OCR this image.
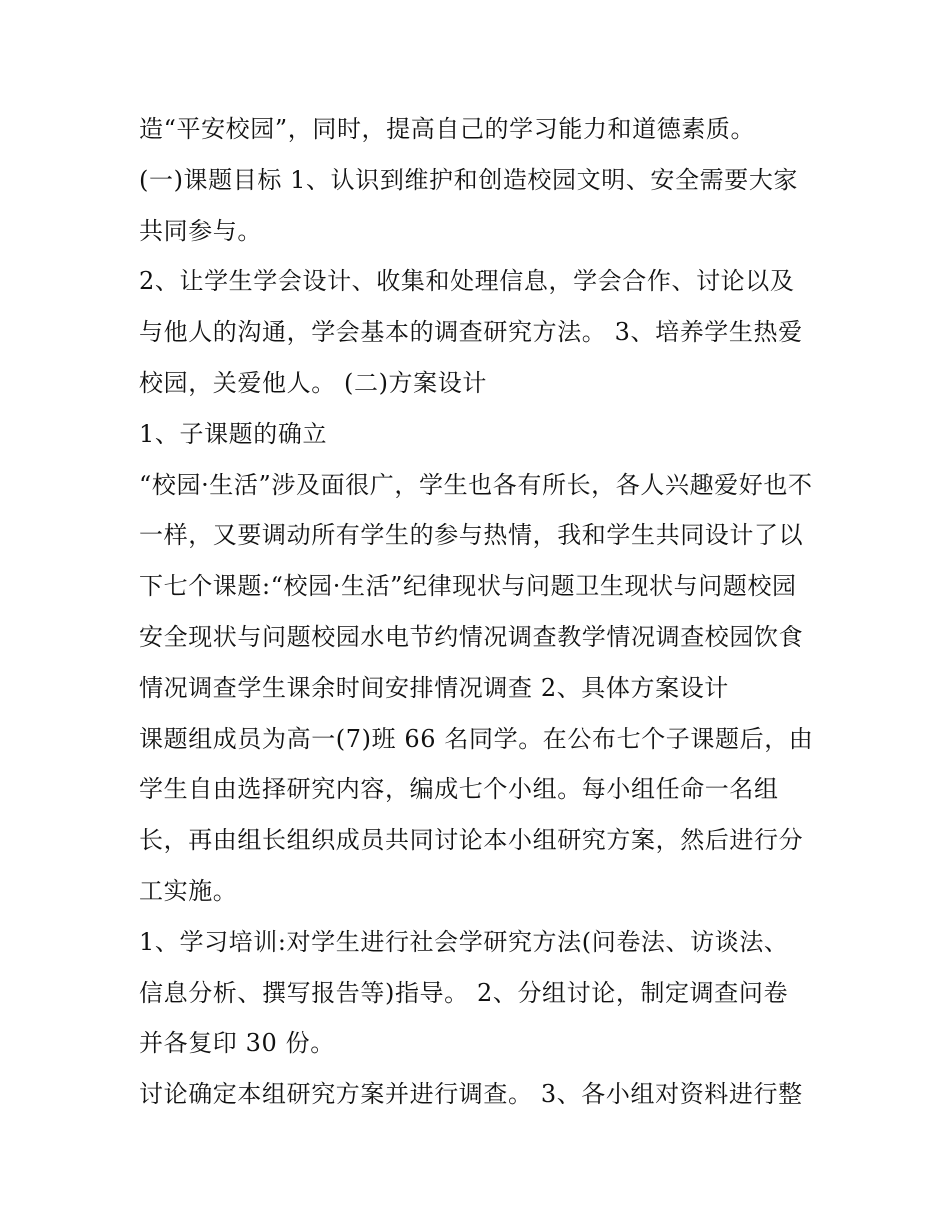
造“平安校园”，同时，提高自己的学习能力和道德素质。
(一)课题目标 1、认识到维护和创造校园文明、安全需要大家
共同参与。
2、让学生学会设计、收集和处理信息，学会合作、讨论以及
与他人的沟通，学会基本的调查研究方法。 3、培养学生热爱
校园，关爱他人。 (二)方案设计
1、子课题的确立
“校园·生活”涉及面很广，学生也各有所长，各人兴趣爱好也不
一样，又要调动所有学生的参与热情，我和学生共同设计了以
下七个课题:“校园·生活”纪律现状与问题卫生现状与问题校园
安全现状与问题校园水电节约情况调查教学情况调查校园饮食
情况调查学生课余时间安排情况调查 2、具体方案设计
课题组成员为高一(7)班 66 名同学。在公布七个子课题后，由
学生自由选择研究内容，编成七个小组。每小组任命一名组
长，再由组长组织成员共同讨论本小组研究方案，然后进行分
工实施。
1、学习培训:对学生进行社会学研究方法(问卷法、访谈法、
信息分析、撰写报告等)指导。 2、分组讨论，制定调查问卷
并各复印 30 份。
讨论确定本组研究方案并进行调查。 3、各小组对资料进行整
